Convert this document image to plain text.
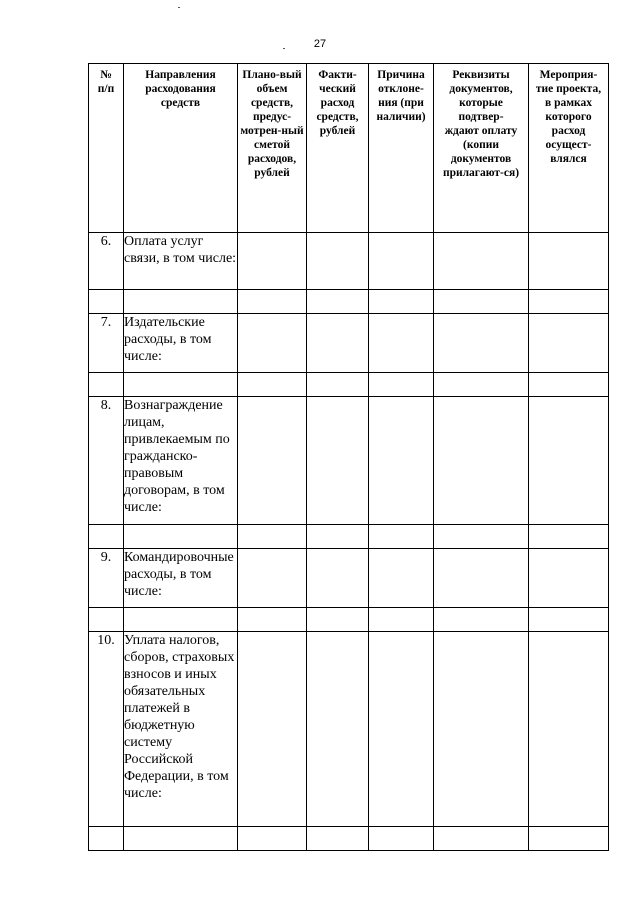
27
№ п/п	Направления расходования средств	Плано-вый объем средств, предус-мотрен-ный сметой расходов, рублей	Факти-ческий расход средств, рублей	Причина отклоне-ния (при наличии)	Реквизиты документов, которые подтвер-ждают оплату (копии документов прилагают-ся)	Мероприя-тие проекта, в рамках которого расход осущест-влялся
6.	Оплата услуг связи, в том числе:					

7.	Издательские расходы, в том числе:					

8.	Вознаграждение лицам, привлекаемым по гражданско-правовым договорам, в том числе:					

9.	Командировочные расходы, в том числе:					

10.	Уплата налогов, сборов, страховых взносов и иных обязательных платежей в бюджетную систему Российской Федерации, в том числе:					
